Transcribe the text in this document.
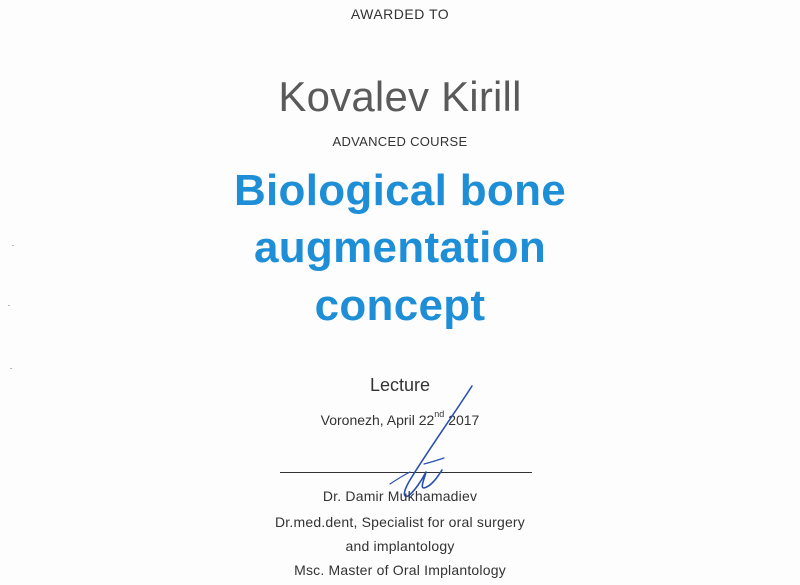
AWARDED TO
Kovalev Kirill
ADVANCED COURSE
Biological bone
augmentation
concept
Lecture
Voronezh, April 22nd 2017
Dr. Damir Mukhamadiev
Dr.med.dent, Specialist for oral surgery
and implantology
Msc. Master of Oral Implantology
